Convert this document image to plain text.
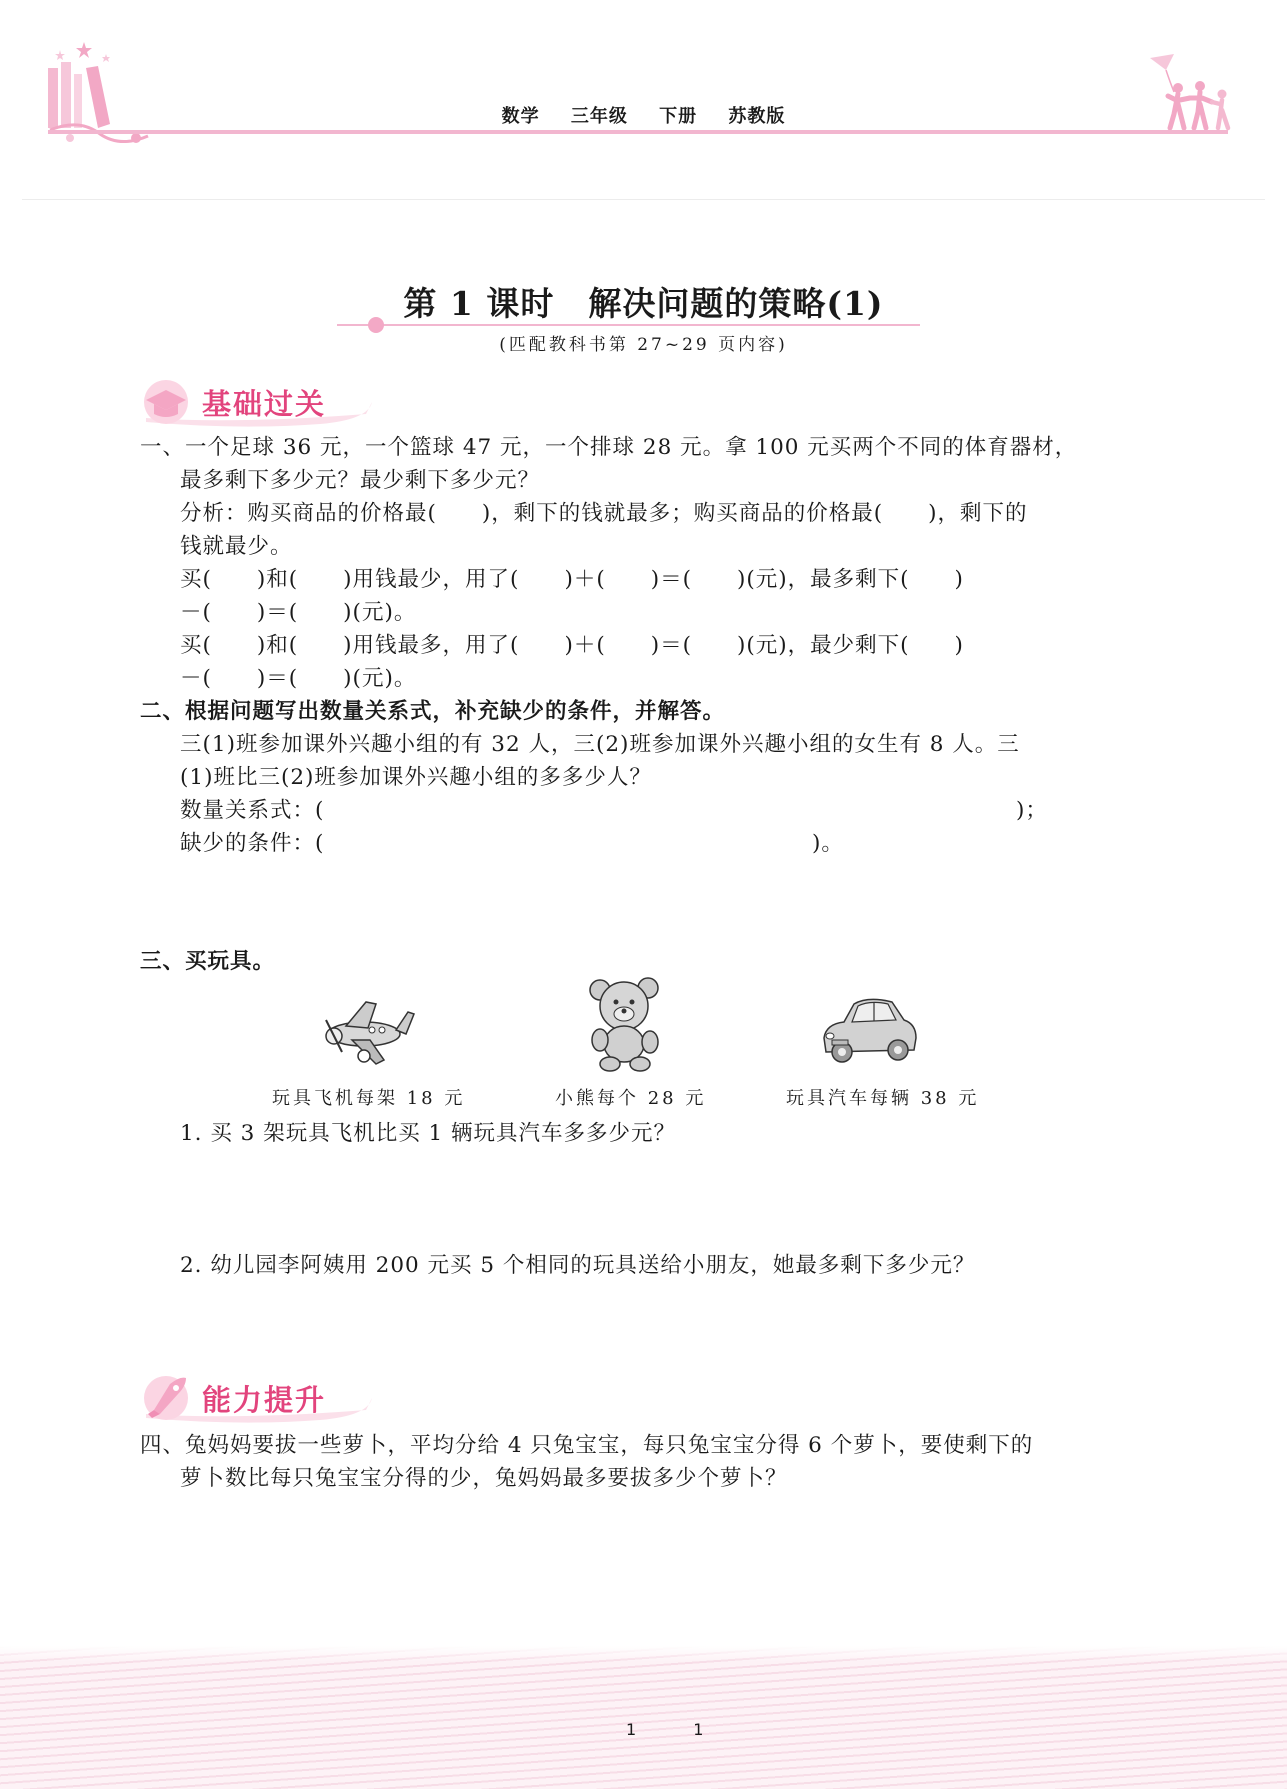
数学 三年级 下册 苏教版
第 1 课时　解决问题的策略(1)
(匹配教科书第 27~29 页内容)
基础过关
一、一个足球 36 元，一个篮球 47 元，一个排球 28 元。拿 100 元买两个不同的体育器材，
最多剩下多少元？最少剩下多少元？
分析：购买商品的价格最(　　)，剩下的钱就最多；购买商品的价格最(　　)，剩下的
钱就最少。
买(　　)和(　　)用钱最少，用了(　　)＋(　　)＝(　　)(元)，最多剩下(　　)
－(　　)＝(　　)(元)。
买(　　)和(　　)用钱最多，用了(　　)＋(　　)＝(　　)(元)，最少剩下(　　)
－(　　)＝(　　)(元)。
二、根据问题写出数量关系式，补充缺少的条件，并解答。
三(1)班参加课外兴趣小组的有 32 人，三(2)班参加课外兴趣小组的女生有 8 人。三
(1)班比三(2)班参加课外兴趣小组的多多少人？
数量关系式：(	)；
缺少的条件：(	)。
三、买玩具。
玩具飞机每架 18 元	小熊每个 28 元	玩具汽车每辆 38 元
1. 买 3 架玩具飞机比买 1 辆玩具汽车多多少元？
2. 幼儿园李阿姨用 200 元买 5 个相同的玩具送给小朋友，她最多剩下多少元？
能力提升
四、兔妈妈要拔一些萝卜，平均分给 4 只兔宝宝，每只兔宝宝分得 6 个萝卜，要使剩下的
萝卜数比每只兔宝宝分得的少，兔妈妈最多要拔多少个萝卜？
1	1
